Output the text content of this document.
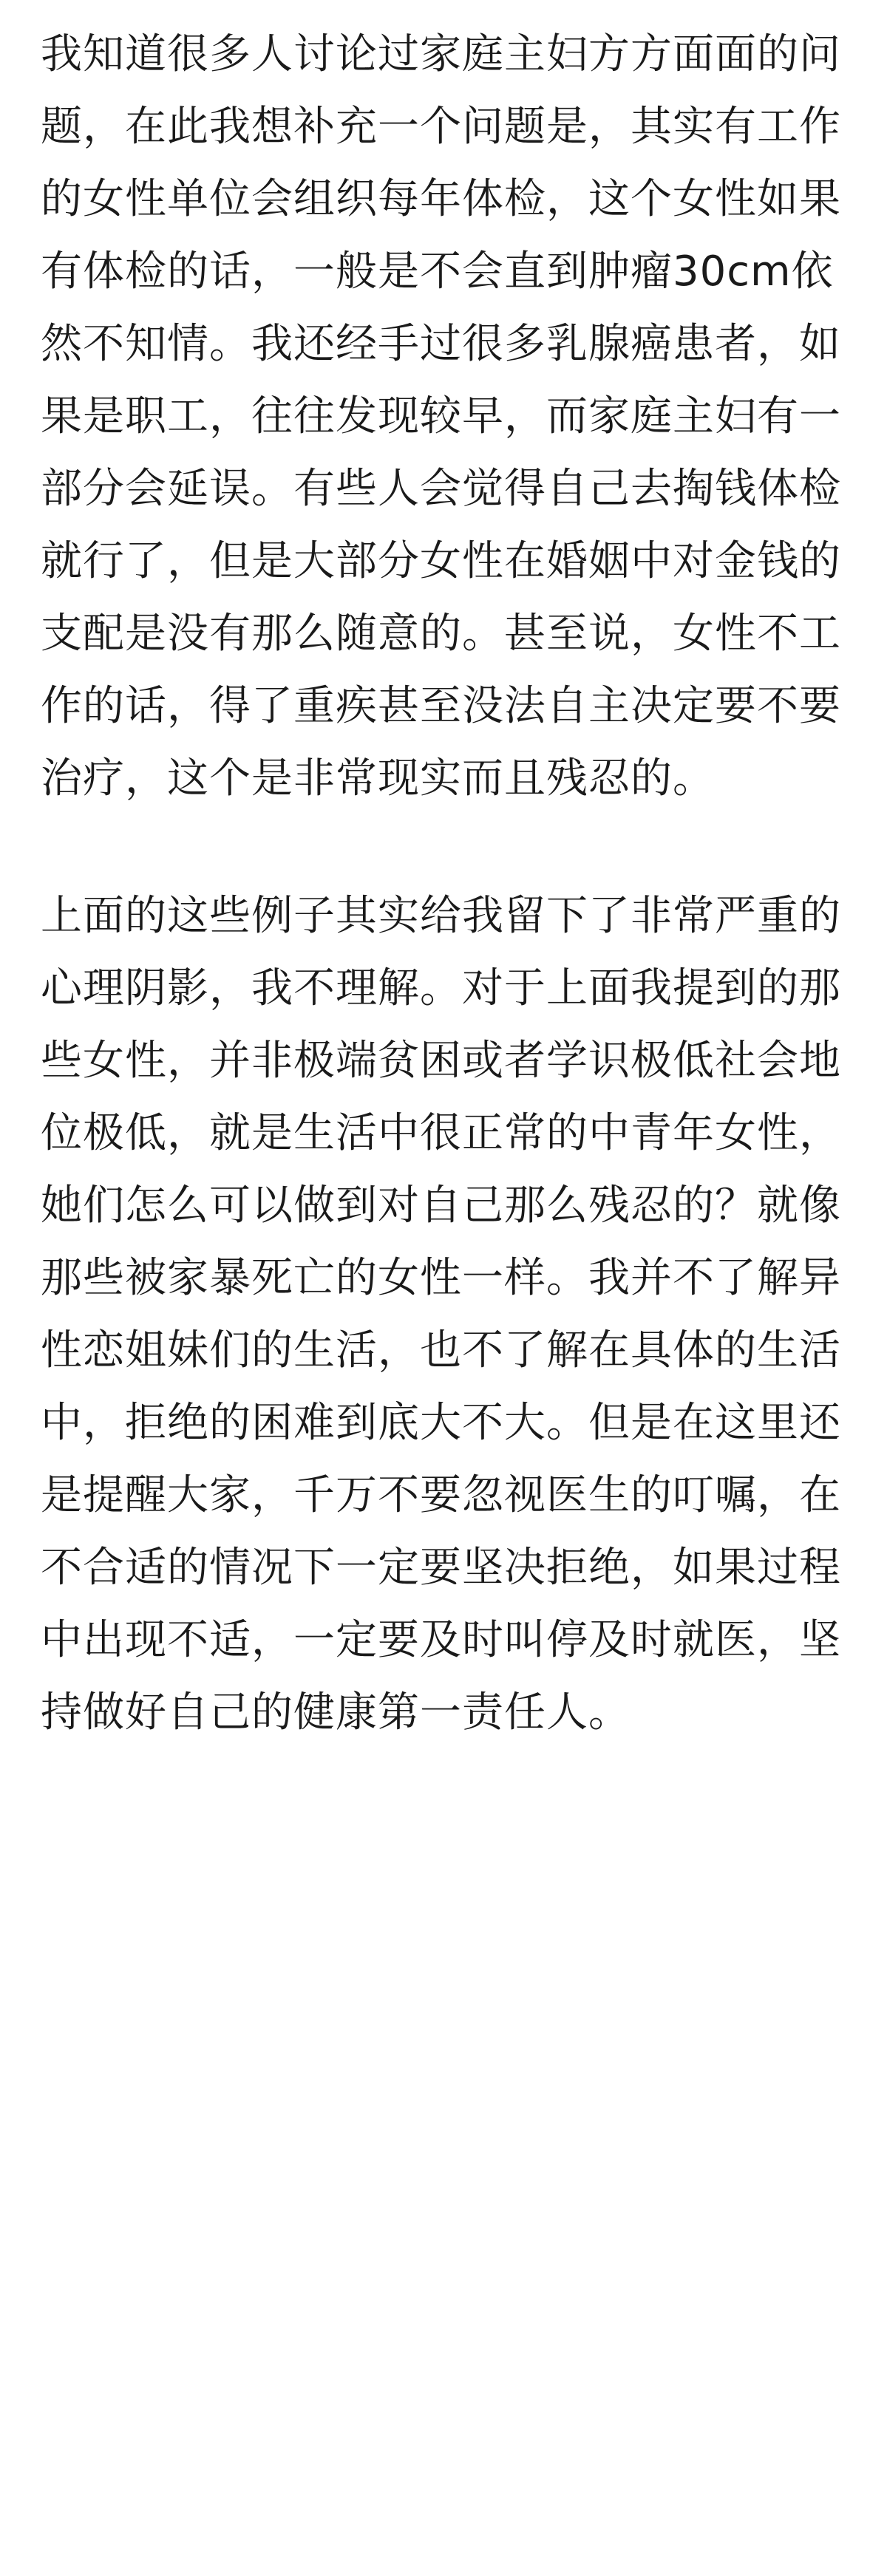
我知道很多人讨论过家庭主妇方方面面的问题，在此我想补充一个问题是，其实有工作的女性单位会组织每年体检，这个女性如果有体检的话，一般是不会直到肿瘤30cm依然不知情。我还经手过很多乳腺癌患者，如果是职工，往往发现较早，而家庭主妇有一部分会延误。有些人会觉得自己去掏钱体检就行了，但是大部分女性在婚姻中对金钱的支配是没有那么随意的。甚至说，女性不工作的话，得了重疾甚至没法自主决定要不要治疗，这个是非常现实而且残忍的。

上面的这些例子其实给我留下了非常严重的心理阴影，我不理解。对于上面我提到的那些女性，并非极端贫困或者学识极低社会地位极低，就是生活中很正常的中青年女性，她们怎么可以做到对自己那么残忍的？就像那些被家暴死亡的女性一样。我并不了解异性恋姐妹们的生活，也不了解在具体的生活中，拒绝的困难到底大不大。但是在这里还是提醒大家，千万不要忽视医生的叮嘱，在不合适的情况下一定要坚决拒绝，如果过程中出现不适，一定要及时叫停及时就医，坚持做好自己的健康第一责任人。
